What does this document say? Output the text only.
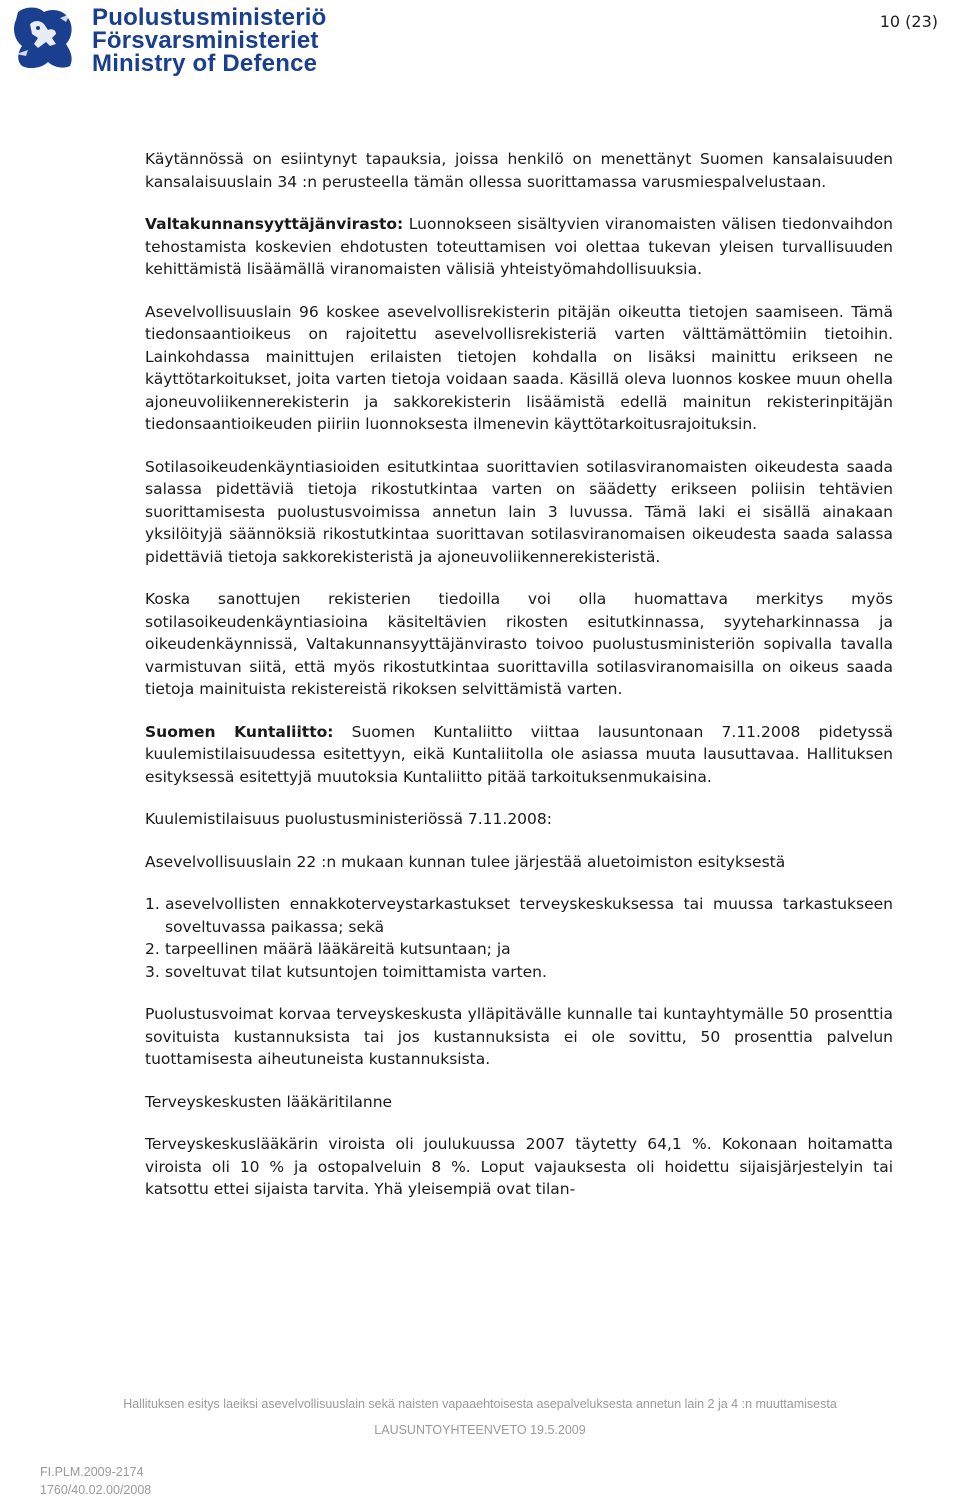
Puolustusministeriö
Försvarsministeriet
Ministry of Defence
10 (23)

Käytännössä on esiintynyt tapauksia, joissa henkilö on menettänyt Suomen kansalaisuuden kansalaisuuslain 34 :n perusteella tämän ollessa suorittamassa varusmiespalvelustaan.

Valtakunnansyyttäjänvirasto: Luonnokseen sisältyvien viranomaisten välisen tiedonvaihdon tehostamista koskevien ehdotusten toteuttamisen voi olettaa tukevan yleisen turvallisuuden kehittämistä lisäämällä viranomaisten välisiä yhteistyömahdollisuuksia.

Asevelvollisuuslain 96 koskee asevelvollisrekisterin pitäjän oikeutta tietojen saamiseen. Tämä tiedonsaantioikeus on rajoitettu asevelvollisrekisteriä varten välttämättömiin tietoihin. Lainkohdassa mainittujen erilaisten tietojen kohdalla on lisäksi mainittu erikseen ne käyttötarkoitukset, joita varten tietoja voidaan saada. Käsillä oleva luonnos koskee muun ohella ajoneuvoliikennerekisterin ja sakkorekisterin lisäämistä edellä mainitun rekisterinpitäjän tiedonsaantioikeuden piiriin luonnoksesta ilmenevin käyttötarkoitusrajoituksin.

Sotilasoikeudenkäyntiasioiden esitutkintaa suorittavien sotilasviranomaisten oikeudesta saada salassa pidettäviä tietoja rikostutkintaa varten on säädetty erikseen poliisin tehtävien suorittamisesta puolustusvoimissa annetun lain 3 luvussa. Tämä laki ei sisällä ainakaan yksilöityjä säännöksiä rikostutkintaa suorittavan sotilasviranomaisen oikeudesta saada salassa pidettäviä tietoja sakkorekisteristä ja ajoneuvoliikennerekisteristä.

Koska sanottujen rekisterien tiedoilla voi olla huomattava merkitys myös sotilasoikeudenkäyntiasioina käsiteltävien rikosten esitutkinnassa, syyteharkinnassa ja oikeudenkäynnissä, Valtakunnansyyttäjänvirasto toivoo puolustusministeriön sopivalla tavalla varmistuvan siitä, että myös rikostutkintaa suorittavilla sotilasviranomaisilla on oikeus saada tietoja mainituista rekistereistä rikoksen selvittämistä varten.

Suomen Kuntaliitto: Suomen Kuntaliitto viittaa lausuntonaan 7.11.2008 pidetyssä kuulemistilaisuudessa esitettyyn, eikä Kuntaliitolla ole asiassa muuta lausuttavaa. Hallituksen esityksessä esitettyjä muutoksia Kuntaliitto pitää tarkoituksenmukaisina.

Kuulemistilaisuus puolustusministeriössä 7.11.2008:

Asevelvollisuuslain 22 :n mukaan kunnan tulee järjestää aluetoimiston esityksestä

1. asevelvollisten ennakkoterveystarkastukset terveyskeskuksessa tai muussa tarkastukseen soveltuvassa paikassa; sekä
2. tarpeellinen määrä lääkäreitä kutsuntaan; ja
3. soveltuvat tilat kutsuntojen toimittamista varten.

Puolustusvoimat korvaa terveyskeskusta ylläpitävälle kunnalle tai kuntayhtymälle 50 prosenttia sovituista kustannuksista tai jos kustannuksista ei ole sovittu, 50 prosenttia palvelun tuottamisesta aiheutuneista kustannuksista.

Terveyskeskusten lääkäritilanne

Terveyskeskuslääkärin viroista oli joulukuussa 2007 täytetty 64,1 %. Kokonaan hoitamatta viroista oli 10 % ja ostopalveluin 8 %. Loput vajauksesta oli hoidettu sijaisjärjestelyin tai katsottu ettei sijaista tarvita. Yhä yleisempiä ovat tilan-

Hallituksen esitys laeiksi asevelvollisuuslain sekä naisten vapaaehtoisesta asepalveluksesta annetun lain 2 ja 4 :n muuttamisesta
LAUSUNTOYHTEENVETO 19.5.2009
FI.PLM.2009-2174
1760/40.02.00/2008
